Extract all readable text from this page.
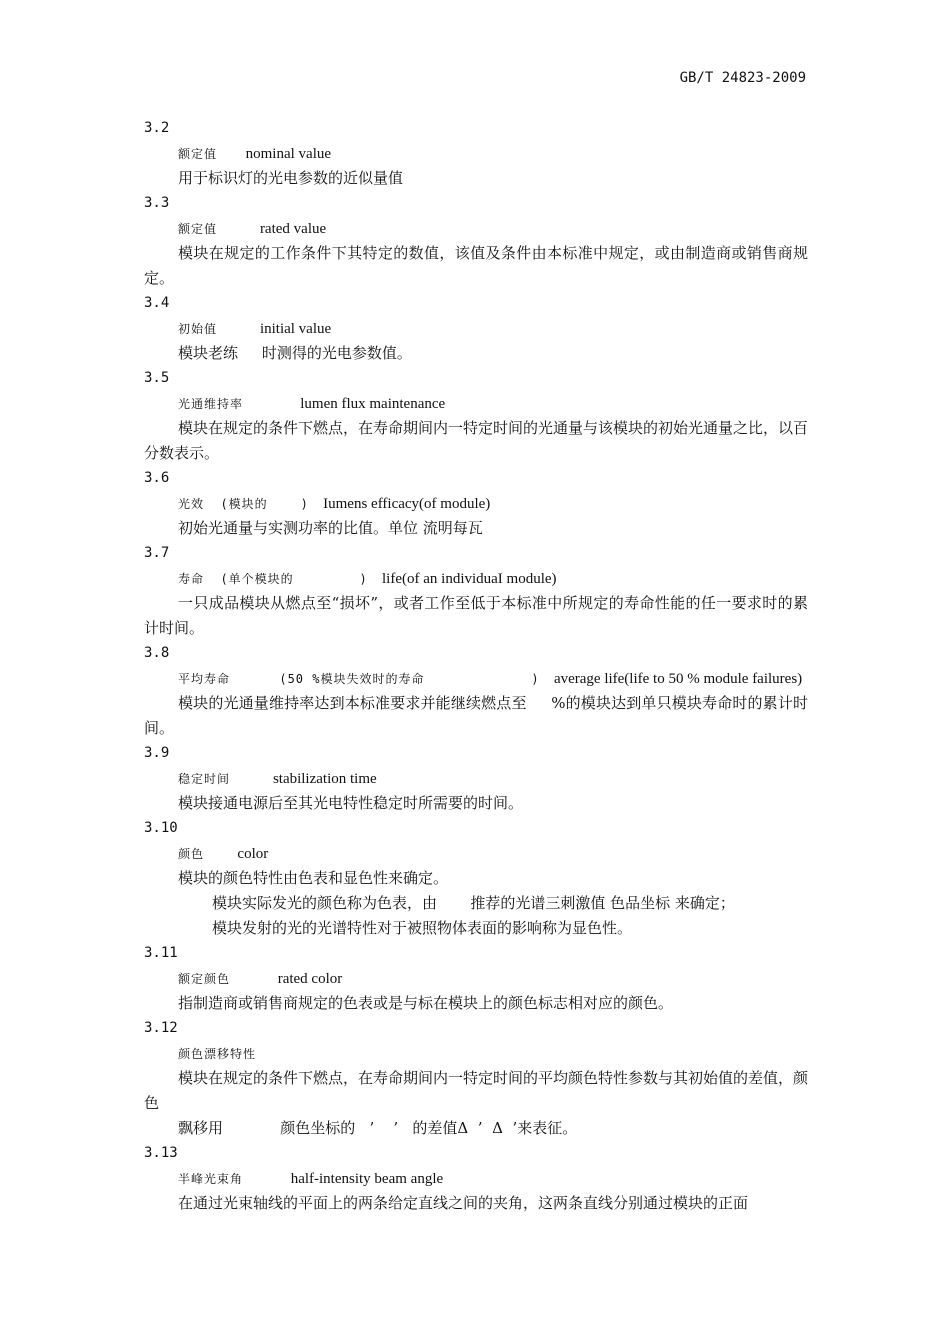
GB/T 24823-2009
3.2
额定值 nominal value
用于标识灯的光电参数的近似量值
3.3
额定值	rated value
模块在规定的工作条件下其特定的数值，该值及条件由本标准中规定，或由制造商或销售商规定。
3.4
初始值	initial value
模块老练     时测得的光电参数值。
3.5
光通维持率	lumen flux maintenance
模块在规定的条件下燃点，在寿命期间内一特定时间的光通量与该模块的初始光通量之比，以百分数表示。
3.6
光效  (模块的    ) Iumens efficacy(of module)
初始光通量与实测功率的比值。单位 流明每瓦
3.7
寿命  (单个模块的        ) life(of an individuaI module)
一只成品模块从燃点至“损坏”，或者工作至低于本标准中所规定的寿命性能的任一要求时的累计时间。
3.8
平均寿命      (50 %模块失效时的寿命             ) average life(life to 50 % module failures)
模块的光通量维持率达到本标准要求并能继续燃点至     %的模块达到单只模块寿命时的累计时间。
3.9
稳定时间	stabilization time
模块接通电源后至其光电特性稳定时所需要的时间。
3.10
颜色 color
模块的颜色特性由色表和显色性来确定。
模块实际发光的颜色称为色表，由       推荐的光谱三刺激值 色品坐标 来确定；
模块发射的光的光谱特性对于被照物体表面的影响称为显色性。
3.11
额定颜色	rated color
指制造商或销售商规定的色表或是与标在模块上的颜色标志相对应的颜色。
3.12
颜色漂移特性
模块在规定的条件下燃点，在寿命期间内一特定时间的平均颜色特性参数与其初始值的差值，颜色
飘移用            颜色坐标的   ’    ’   的差值Δ  ’  Δ  ’来表征。
3.13
半峰光束角	half-intensity beam angle
在通过光束轴线的平面上的两条给定直线之间的夹角，这两条直线分别通过模块的正面
